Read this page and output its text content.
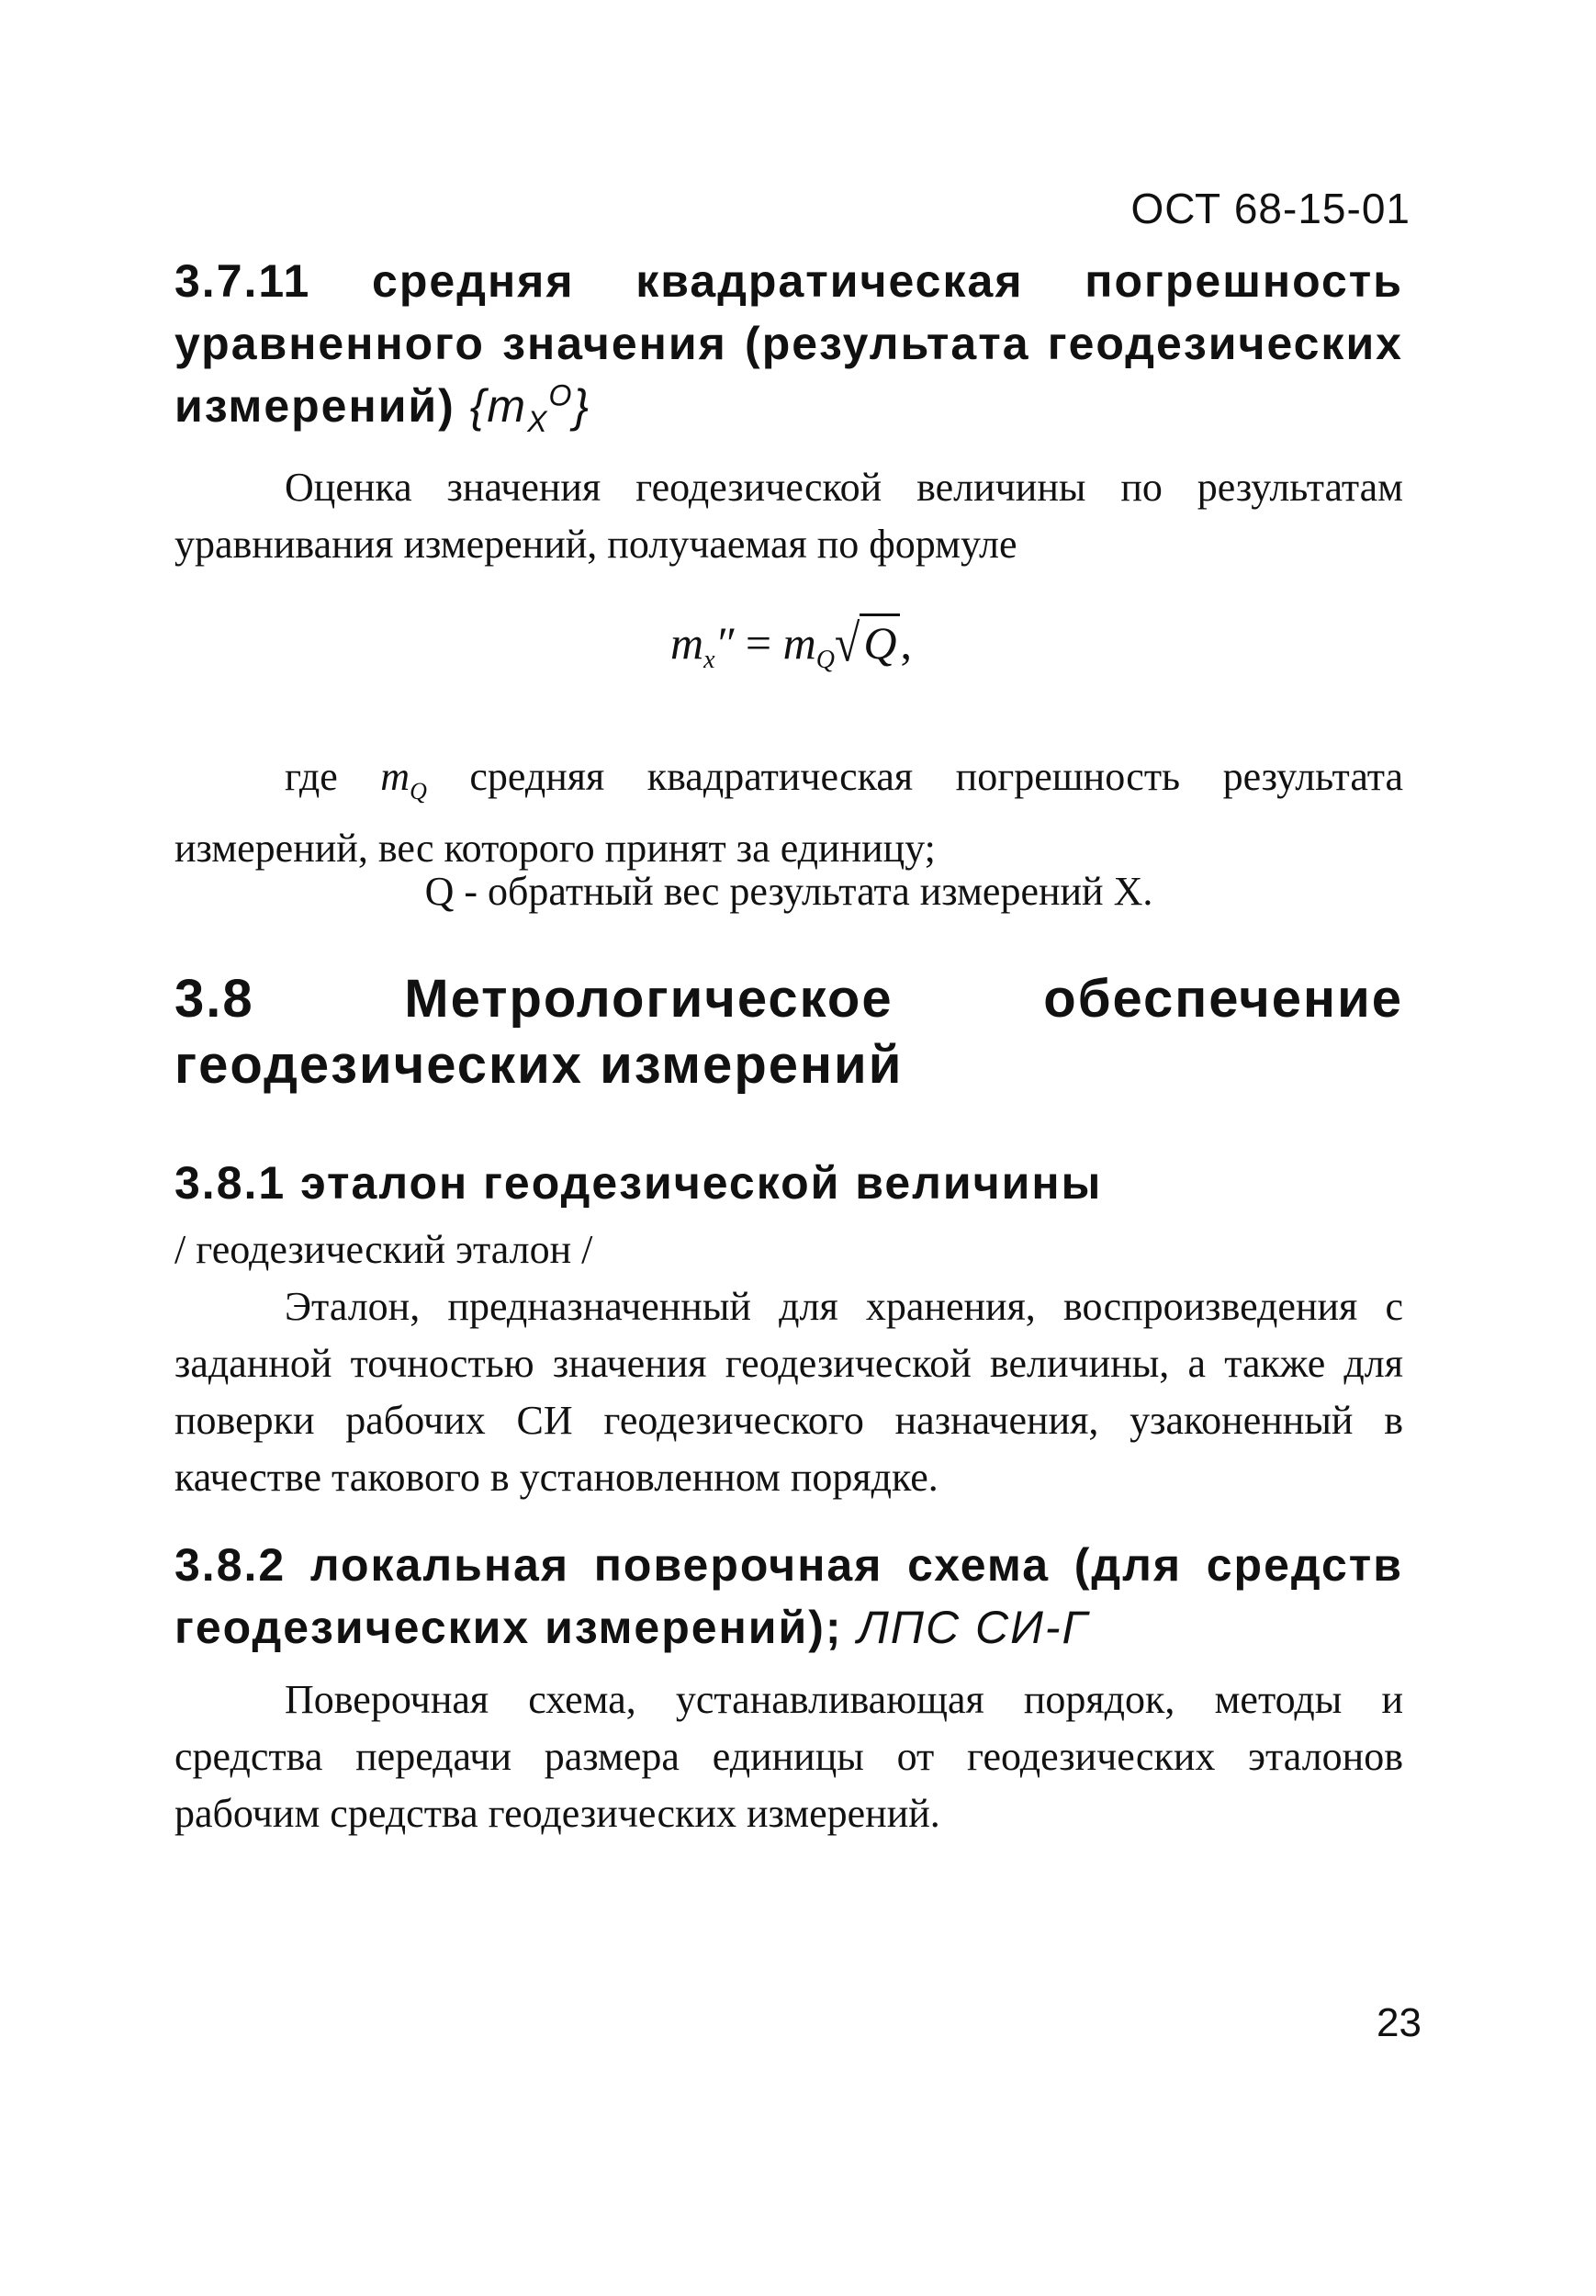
ОСТ 68-15-01
3.7.11 средняя квадратическая погрешность уравненного значения (результата геодезических измерений) $\{m_X^O\}$
Оценка значения геодезической величины по результатам уравнивания измерений, получаемая по формуле
$m_x'' = m_Q√Q$,
где $m_Q$ средняя квадратическая погрешность результата измерений, вес которого принят за единицу;
Q - обратный вес результата измерений X.
3.8 Метрологическое обеспечение геодезических измерений
3.8.1 эталон геодезической величины
/ геодезический эталон /
Эталон, предназначенный для хранения, воспроизведения с заданной точностью значения геодезической величины, а также для поверки рабочих СИ геодезического назначения, узаконенный в качестве такового в установленном порядке.
3.8.2 локальная поверочная схема (для средств геодезических измерений); ЛПС СИ-Г
Поверочная схема, устанавливающая порядок, методы и средства передачи размера единицы от геодезических эталонов рабочим средства геодезических измерений.
23
